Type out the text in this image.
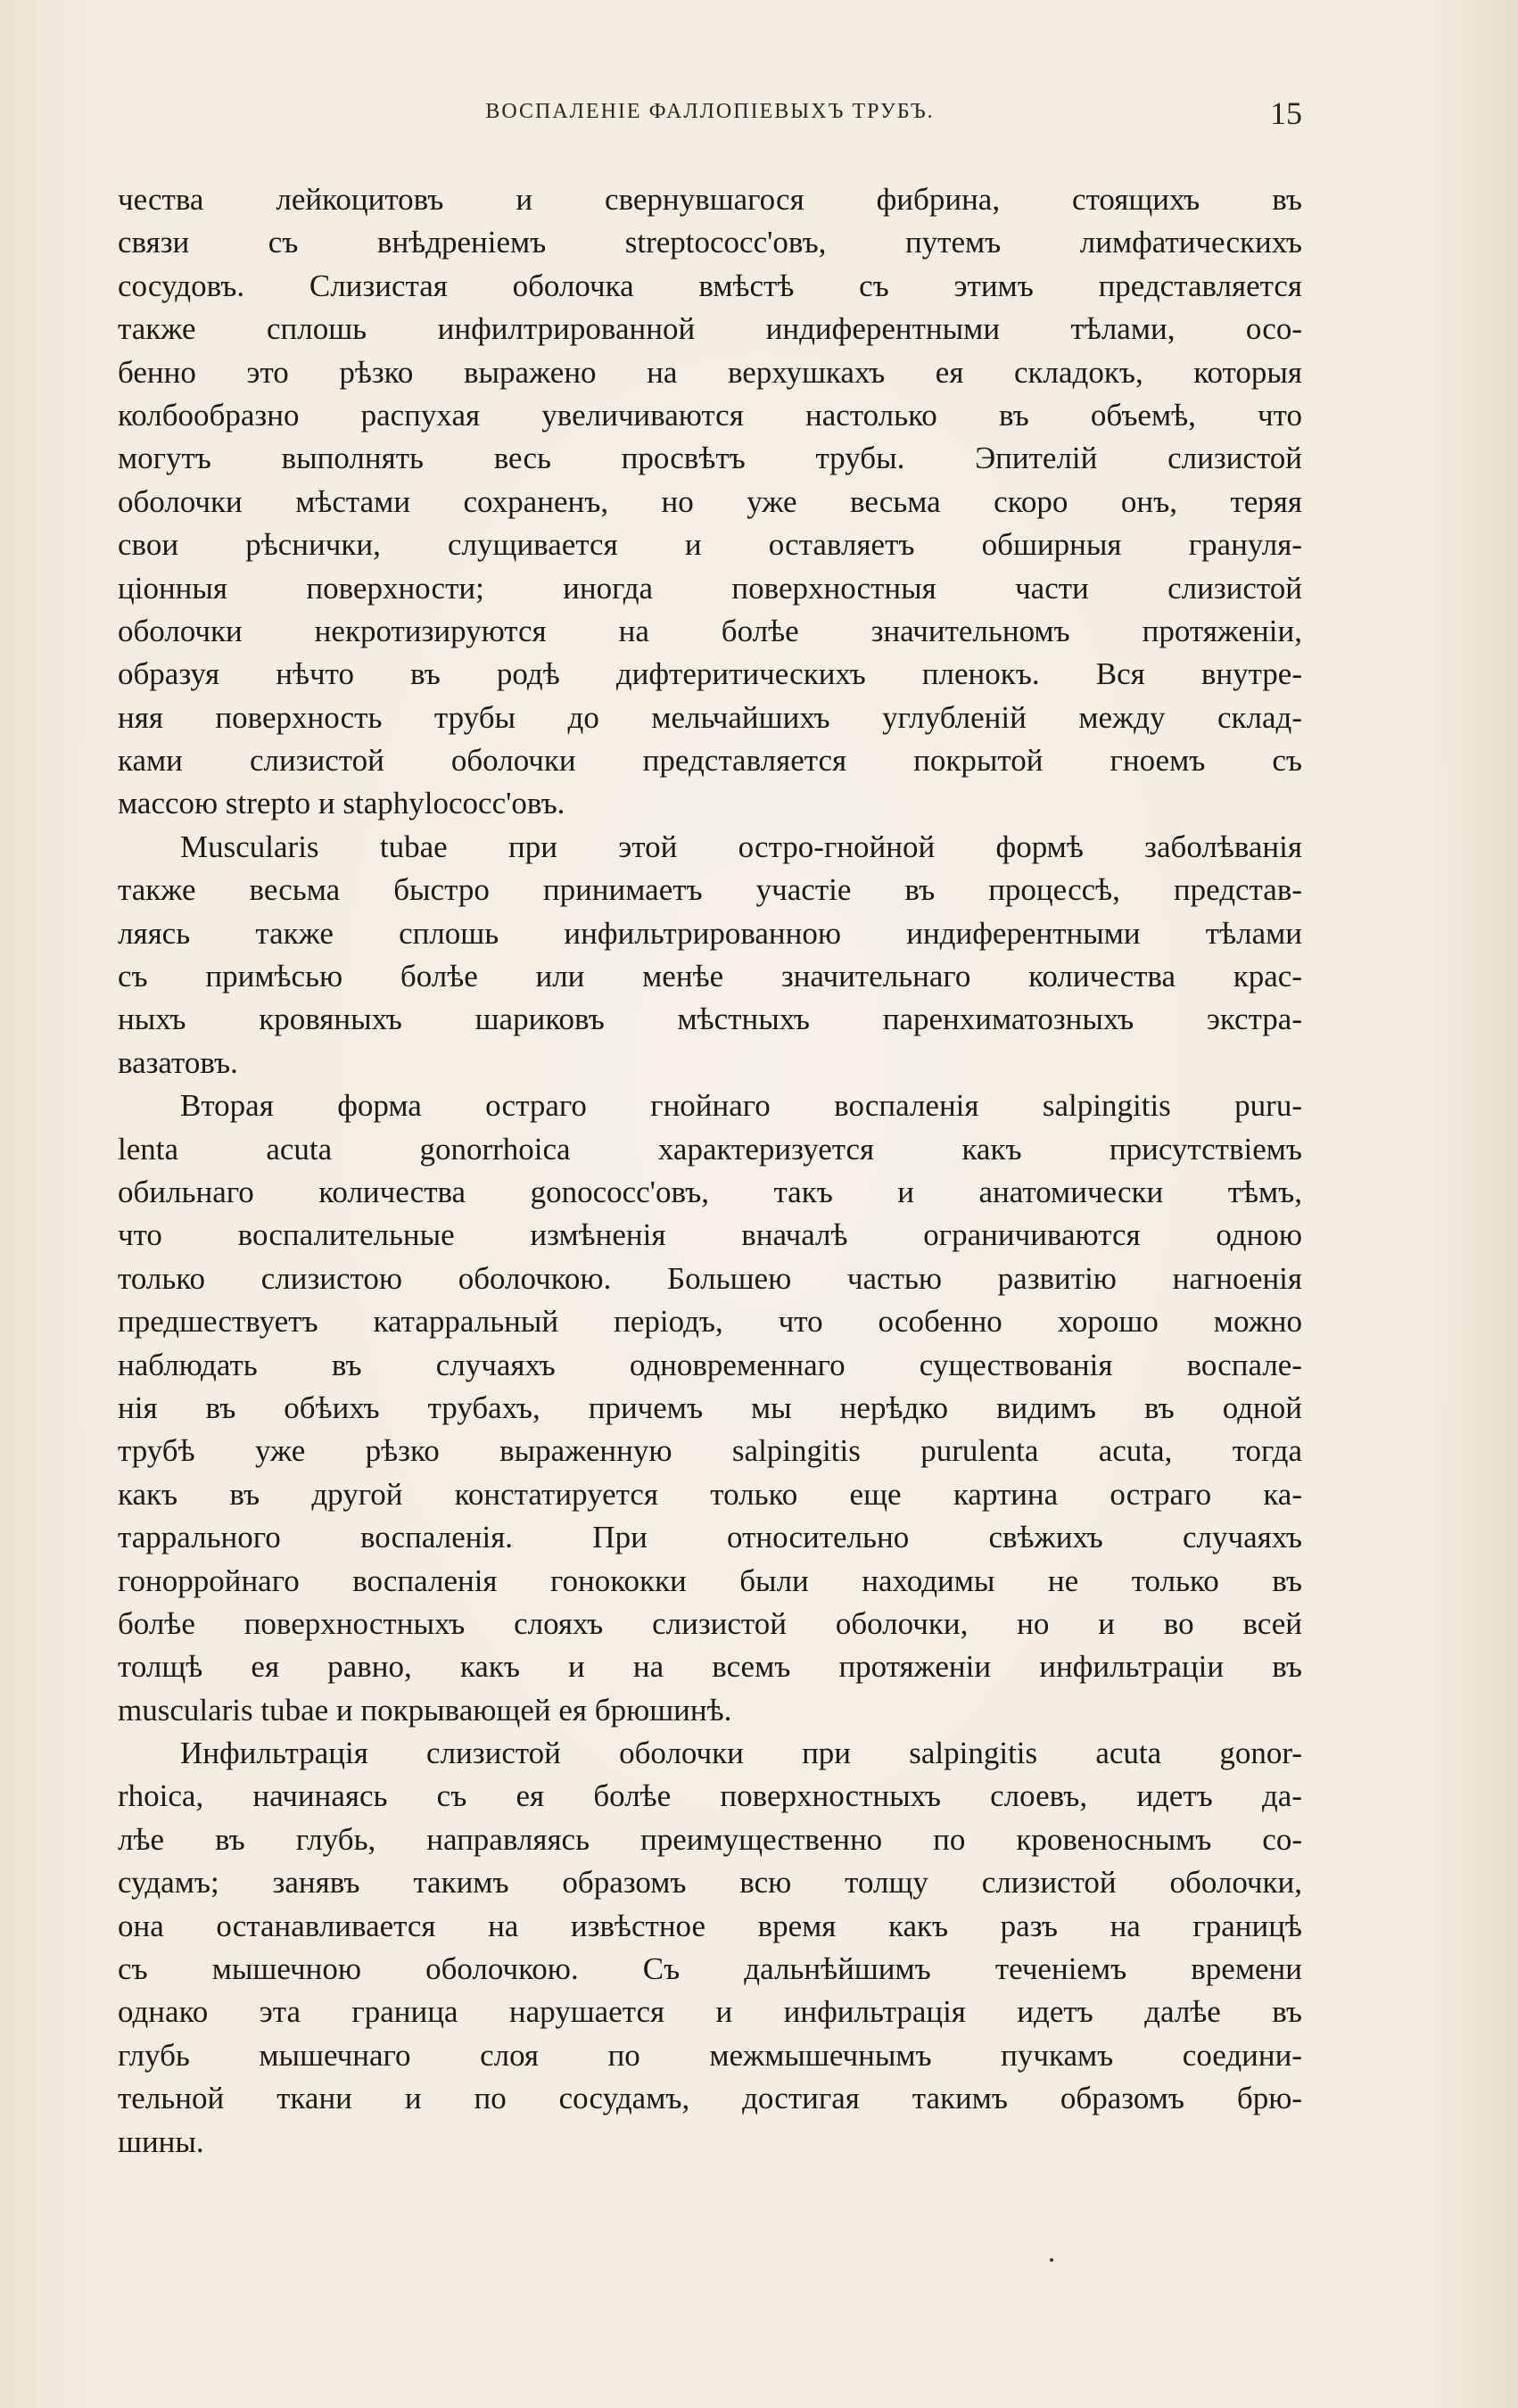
ВОСПАЛЕНІЕ ФАЛЛОПІЕВЫХЪ ТРУБЪ.	15
чества лейкоцитовъ и свернувшагося фибрина, стоящихъ въ
связи съ внѣдреніемъ streptococc'овъ, путемъ лимфатическихъ
сосудовъ. Слизистая оболочка вмѣстѣ съ этимъ представляется
также сплошь инфилтрированной индиферентными тѣлами, осо-
бенно это рѣзко выражено на верхушкахъ ея складокъ, которыя
колбообразно распухая увеличиваются настолько въ объемѣ, что
могутъ выполнять весь просвѣтъ трубы. Эпителій слизистой
оболочки мѣстами сохраненъ, но уже весьма скоро онъ, теряя
свои рѣснички, слущивается и оставляетъ обширныя грануля-
ціонныя поверхности; иногда поверхностныя части слизистой
оболочки некротизируются на болѣе значительномъ протяженіи,
образуя нѣчто въ родѣ дифтеритическихъ пленокъ. Вся внутре-
няя поверхность трубы до мельчайшихъ углубленій между склад-
ками слизистой оболочки представляется покрытой гноемъ съ
массою strepto и staphylococc'овъ.
Muscularis tubae при этой остро-гнойной формѣ заболѣванія
также весьма быстро принимаетъ участіе въ процессѣ, представ-
ляясь также сплошь инфильтрированною индиферентными тѣлами
съ примѣсью болѣе или менѣе значительнаго количества крас-
ныхъ кровяныхъ шариковъ мѣстныхъ паренхиматозныхъ экстра-
вазатовъ.
Вторая форма остраго гнойнаго воспаленія salpingitis puru-
lenta acuta gonorrhoica характеризуется какъ присутствіемъ
обильнаго количества gonococc'овъ, такъ и анатомически тѣмъ,
что воспалительные измѣненія вначалѣ ограничиваются одною
только слизистою оболочкою. Большею частью развитію нагноенія
предшествуетъ катарральный періодъ, что особенно хорошо можно
наблюдать въ случаяхъ одновременнаго существованія воспале-
нія въ обѣихъ трубахъ, причемъ мы нерѣдко видимъ въ одной
трубѣ уже рѣзко выраженную salpingitis purulenta acuta, тогда
какъ въ другой констатируется только еще картина остраго ка-
таррального воспаленія. При относительно свѣжихъ случаяхъ
гонорройнаго воспаленія гонококки были находимы не только въ
болѣе поверхностныхъ слояхъ слизистой оболочки, но и во всей
толщѣ ея равно, какъ и на всемъ протяженіи инфильтраціи въ
muscularis tubae и покрывающей ея брюшинѣ.
Инфильтрація слизистой оболочки при salpingitis acuta gonor-
rhoica, начинаясь съ ея болѣе поверхностныхъ слоевъ, идетъ да-
лѣе въ глубь, направляясь преимущественно по кровеноснымъ со-
судамъ; занявъ такимъ образомъ всю толщу слизистой оболочки,
она останавливается на извѣстное время какъ разъ на границѣ
съ мышечною оболочкою. Съ дальнѣйшимъ теченіемъ времени
однако эта граница нарушается и инфильтрація идетъ далѣе въ
глубь мышечнаго слоя по межмышечнымъ пучкамъ соедини-
тельной ткани и по сосудамъ, достигая такимъ образомъ брю-
шины.
